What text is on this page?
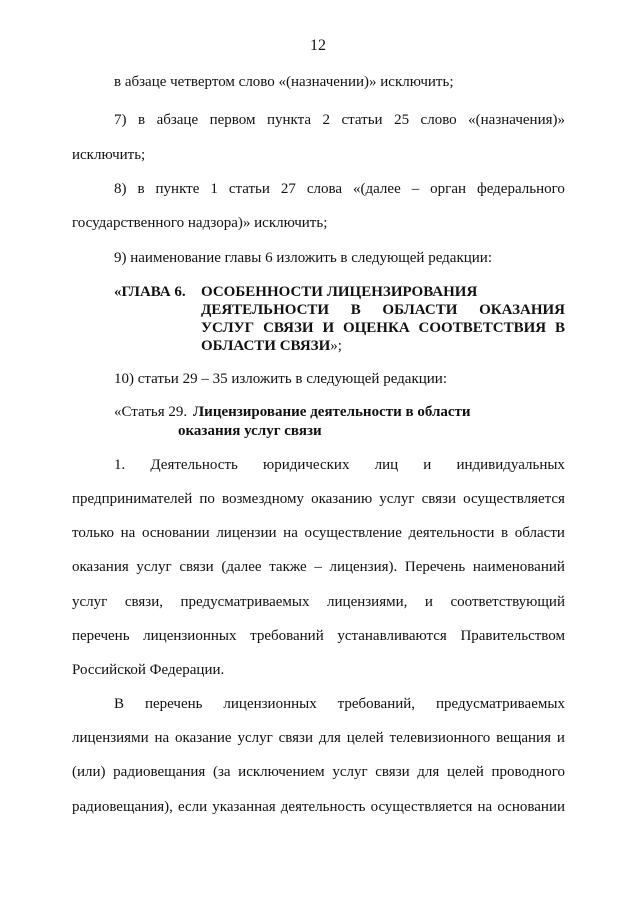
12
в абзаце четвертом слово «(назначении)» исключить;
7) в абзаце первом пункта 2 статьи 25 слово «(назначения)»
исключить;
8) в пункте 1 статьи 27 слова «(далее – орган федерального
государственного надзора)» исключить;
9) наименование главы 6 изложить в следующей редакции:
«ГЛАВА 6. ОСОБЕННОСТИ ЛИЦЕНЗИРОВАНИЯ
ДЕЯТЕЛЬНОСТИ В ОБЛАСТИ ОКАЗАНИЯ
УСЛУГ СВЯЗИ И ОЦЕНКА СООТВЕТСТВИЯ В
ОБЛАСТИ СВЯЗИ»;
10) статьи 29 – 35 изложить в следующей редакции:
«Статья 29. Лицензирование деятельности в области
оказания услуг связи
1. Деятельность юридических лиц и индивидуальных
предпринимателей по возмездному оказанию услуг связи осуществляется
только на основании лицензии на осуществление деятельности в области
оказания услуг связи (далее также – лицензия). Перечень наименований
услуг связи, предусматриваемых лицензиями, и соответствующий
перечень лицензионных требований устанавливаются Правительством
Российской Федерации.
В перечень лицензионных требований, предусматриваемых
лицензиями на оказание услуг связи для целей телевизионного вещания и
(или) радиовещания (за исключением услуг связи для целей проводного
радиовещания), если указанная деятельность осуществляется на основании
